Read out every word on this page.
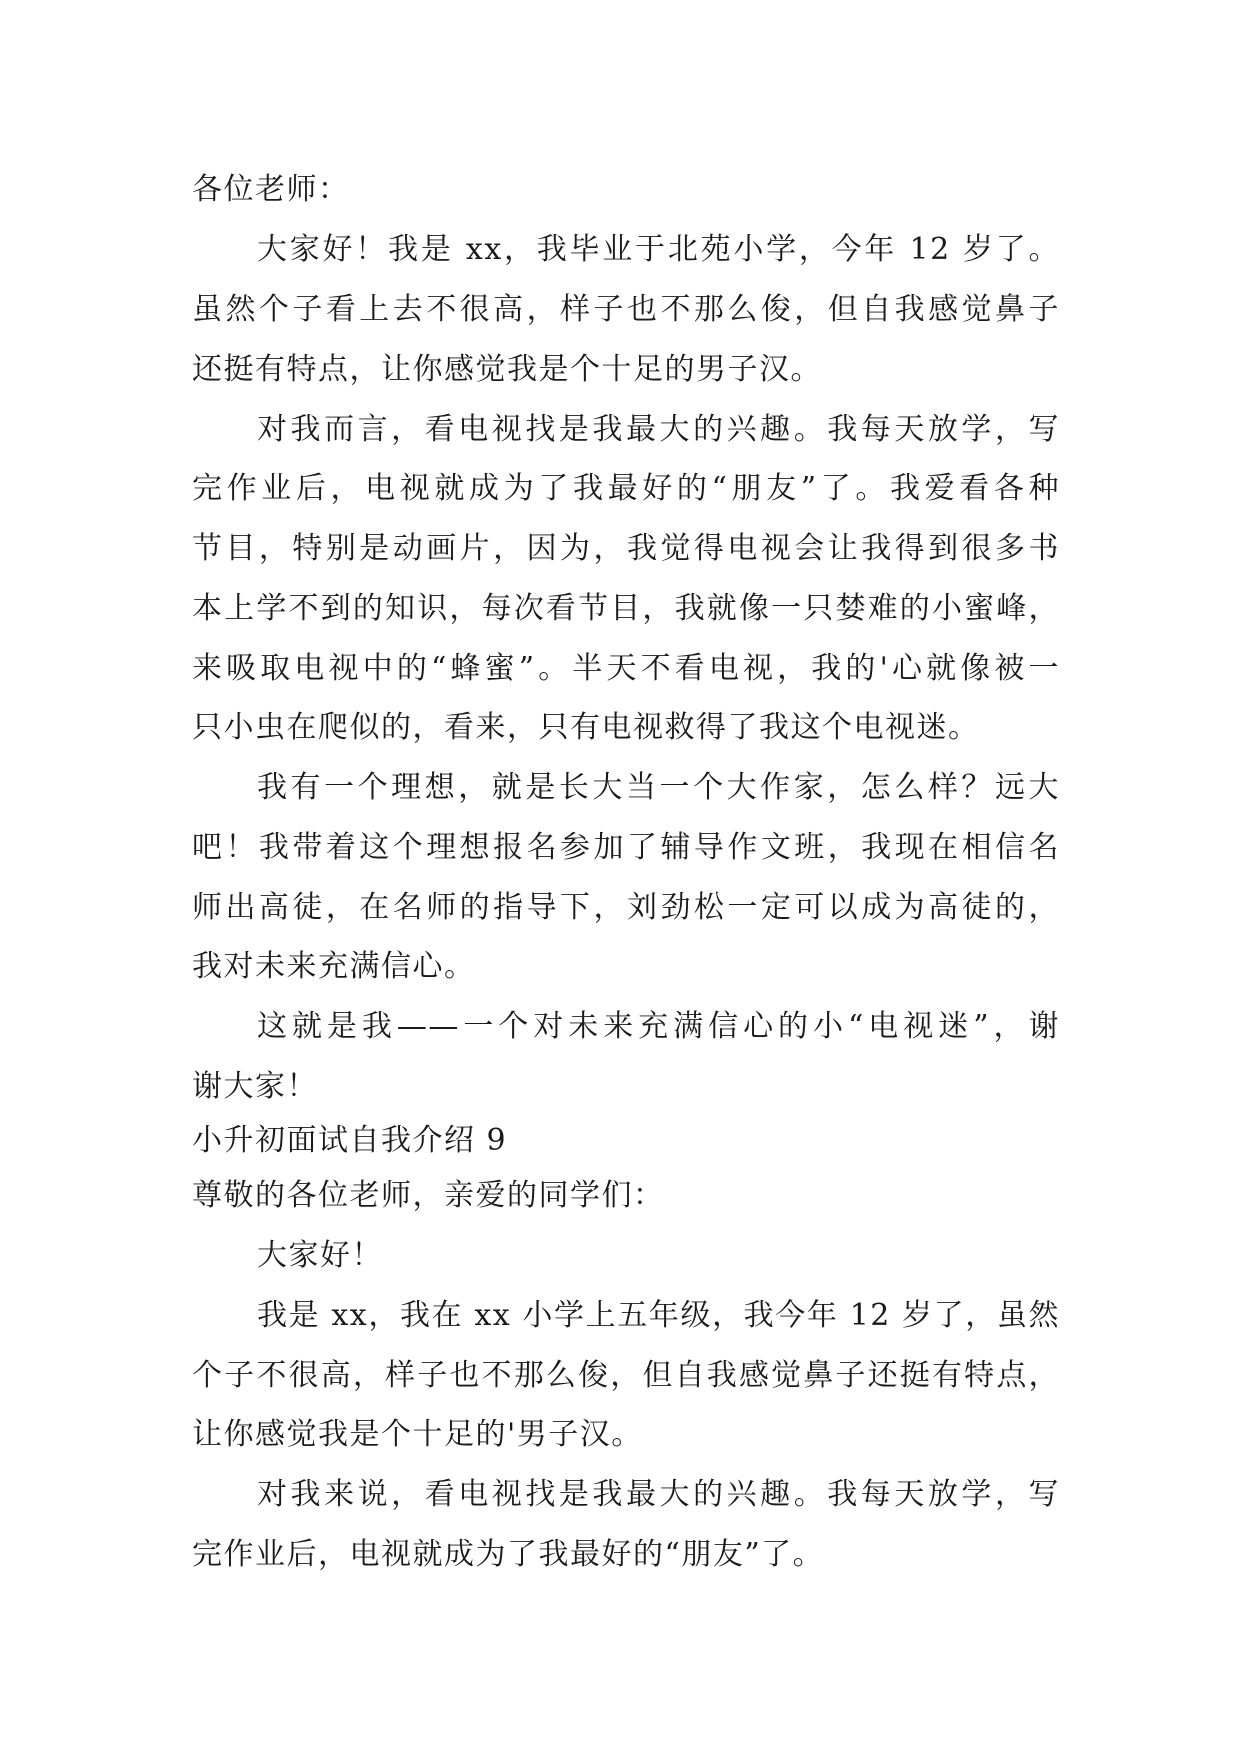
各位老师：
大家好！我是 xx，我毕业于北苑小学，今年 12 岁了。
虽然个子看上去不很高，样子也不那么俊，但自我感觉鼻子
还挺有特点，让你感觉我是个十足的男子汉。
对我而言，看电视找是我最大的兴趣。我每天放学，写
完作业后，电视就成为了我最好的“朋友”了。我爱看各种
节目，特别是动画片，因为，我觉得电视会让我得到很多书
本上学不到的知识，每次看节目，我就像一只婪难的小蜜峰，
来吸取电视中的“蜂蜜”。半天不看电视，我的'心就像被一
只小虫在爬似的，看来，只有电视救得了我这个电视迷。
我有一个理想，就是长大当一个大作家，怎么样？远大
吧！我带着这个理想报名参加了辅导作文班，我现在相信名
师出高徒，在名师的指导下，刘劲松一定可以成为高徒的，
我对未来充满信心。
这就是我——一个对未来充满信心的小“电视迷”，谢
谢大家！
小升初面试自我介绍 9
尊敬的各位老师，亲爱的同学们：
大家好！
我是 xx，我在 xx 小学上五年级，我今年 12 岁了，虽然
个子不很高，样子也不那么俊，但自我感觉鼻子还挺有特点，
让你感觉我是个十足的'男子汉。
对我来说，看电视找是我最大的兴趣。我每天放学，写
完作业后，电视就成为了我最好的“朋友”了。
